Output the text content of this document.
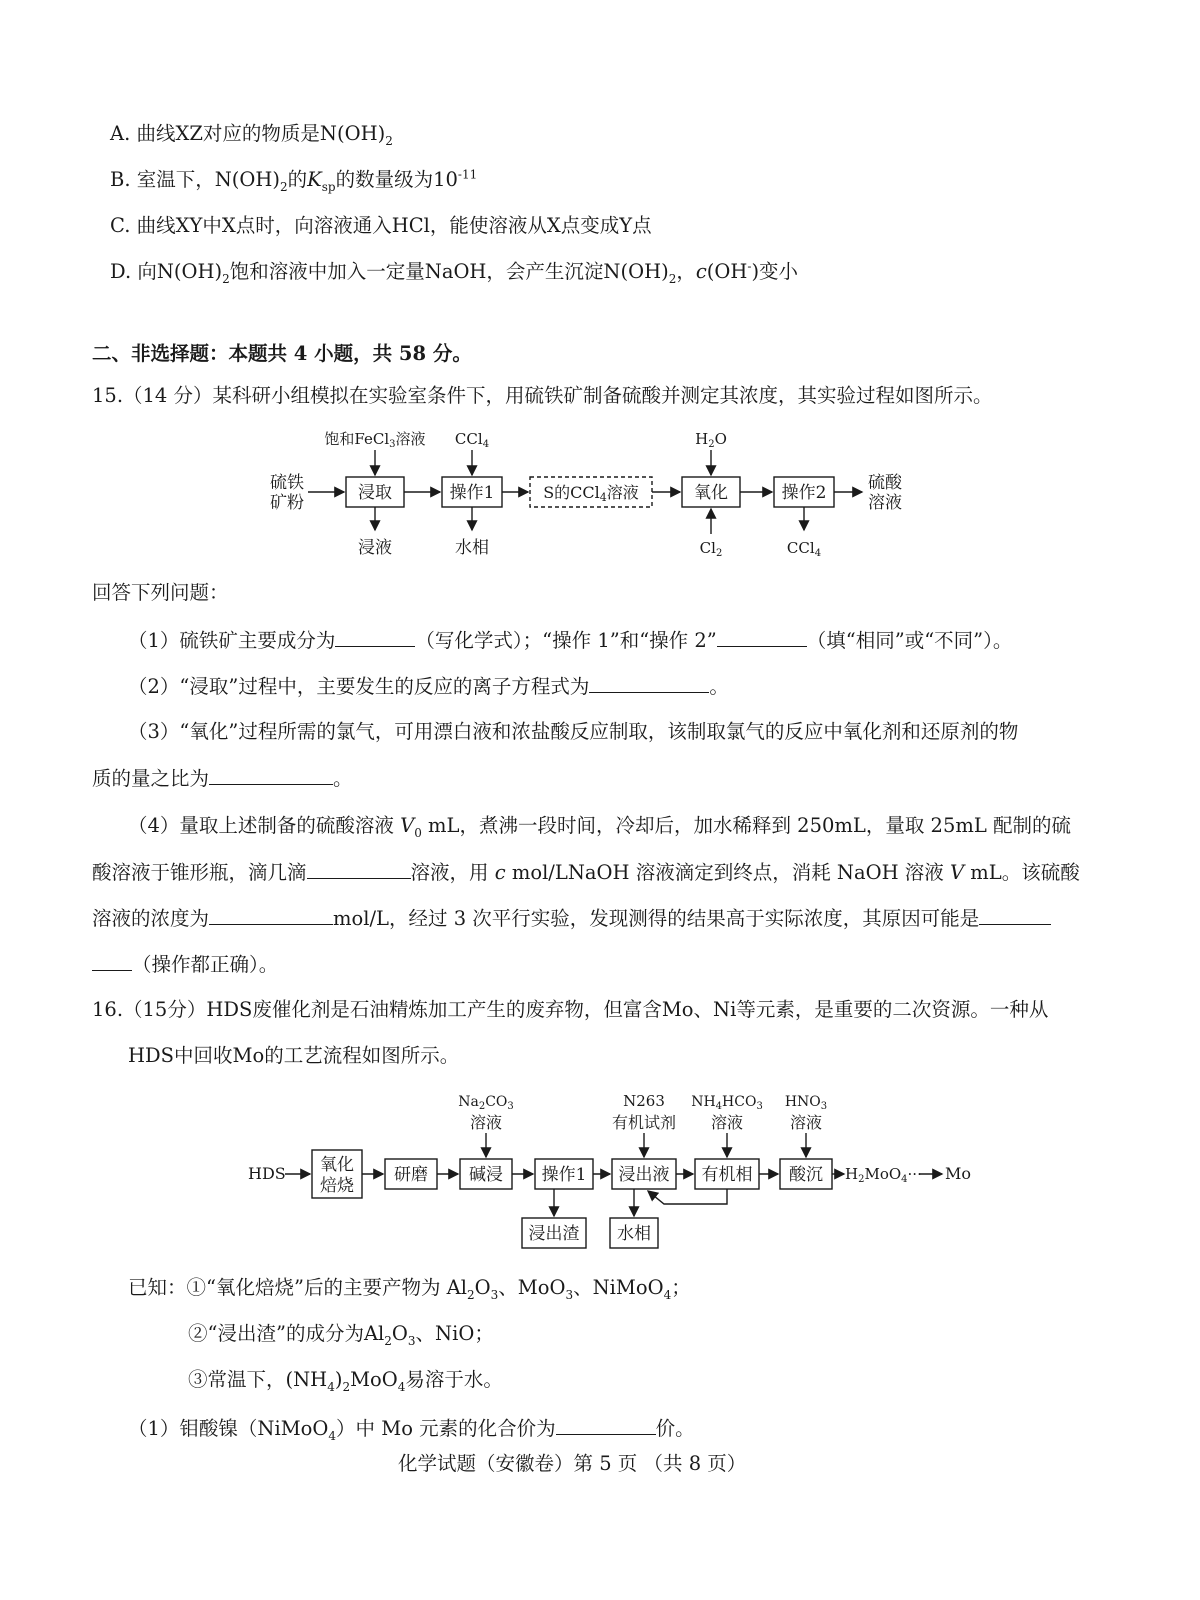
A. 曲线XZ对应的物质是$N(OH)_2$
B. 室温下，$N(OH)_2$的$K_{sp}$的数量级为$10^{-11}$
C. 曲线XY中X点时，向溶液通入HCl，能使溶液从X点变成Y点
D. 向$N(OH)_2$饱和溶液中加入一定量NaOH，会产生沉淀$N(OH)_2$，c(OH-)变小
二、非选择题：本题共 4 小题，共 58 分。
15.（14 分）某科研小组模拟在实验室条件下，用硫铁矿制备硫酸并测定其浓度，其实验过程如图所示。
硫铁
矿粉	浸取	操作1	S的CCl4溶液	氧化	操作2 硫酸
溶液
饱和FeCl$_3$溶液 CCl$_4$	$H_2O$
浸液	水相	$Cl_2$	CCl$_4$
回答下列问题：
（1）硫铁矿主要成分为	（写化学式）；“操作 1”和“操作 2”	（填“相同”或“不同”）。
（2）“浸取”过程中，主要发生的反应的离子方程式为	。
（3）“氧化”过程所需的氯气，可用漂白液和浓盐酸反应制取，该制取氯气的反应中氧化剂和还原剂的物
质的量之比为	。
（4）量取上述制备的硫酸溶液 $V_0$ mL，煮沸一段时间，冷却后，加水稀释到 250mL，量取 25mL 配制的硫
酸溶液于锥形瓶，滴几滴	溶液，用 c mol/LNaOH 溶液滴定到终点，消耗 NaOH 溶液 V mL。该硫酸
溶液的浓度为	mol/L，经过 3 次平行实验，发现测得的结果高于实际浓度，其原因可能是
（操作都正确）。
16.（15分）HDS废催化剂是石油精炼加工产生的废弃物，但富含Mo、Ni等元素，是重要的二次资源。一种从
HDS中回收Mo的工艺流程如图所示。
HDS 氧化
焙烧
研磨 碱浸 操作1 浸出液 有机相 酸沉 $H_2MoO_4\cdot\cdot\cdot Mo$
$Na_2CO_3$
溶液
N263
有机试剂
$NH_4HCO_3$
溶液
$HNO_3$
溶液
浸出渣 水相
已知：①“氧化焙烧”后的主要产物为 $Al_2O_3$、MoO$_3$、NiMoO$_4$；
②“浸出渣”的成分为$Al_2O_3$、NiO；
③常温下，$(NH_4)_2MoO_4$易溶于水。
（1）钼酸镍（NiMoO$_4$）中 Mo 元素的化合价为	价。
化学试题（安徽卷）第 5 页 （共 8 页）
